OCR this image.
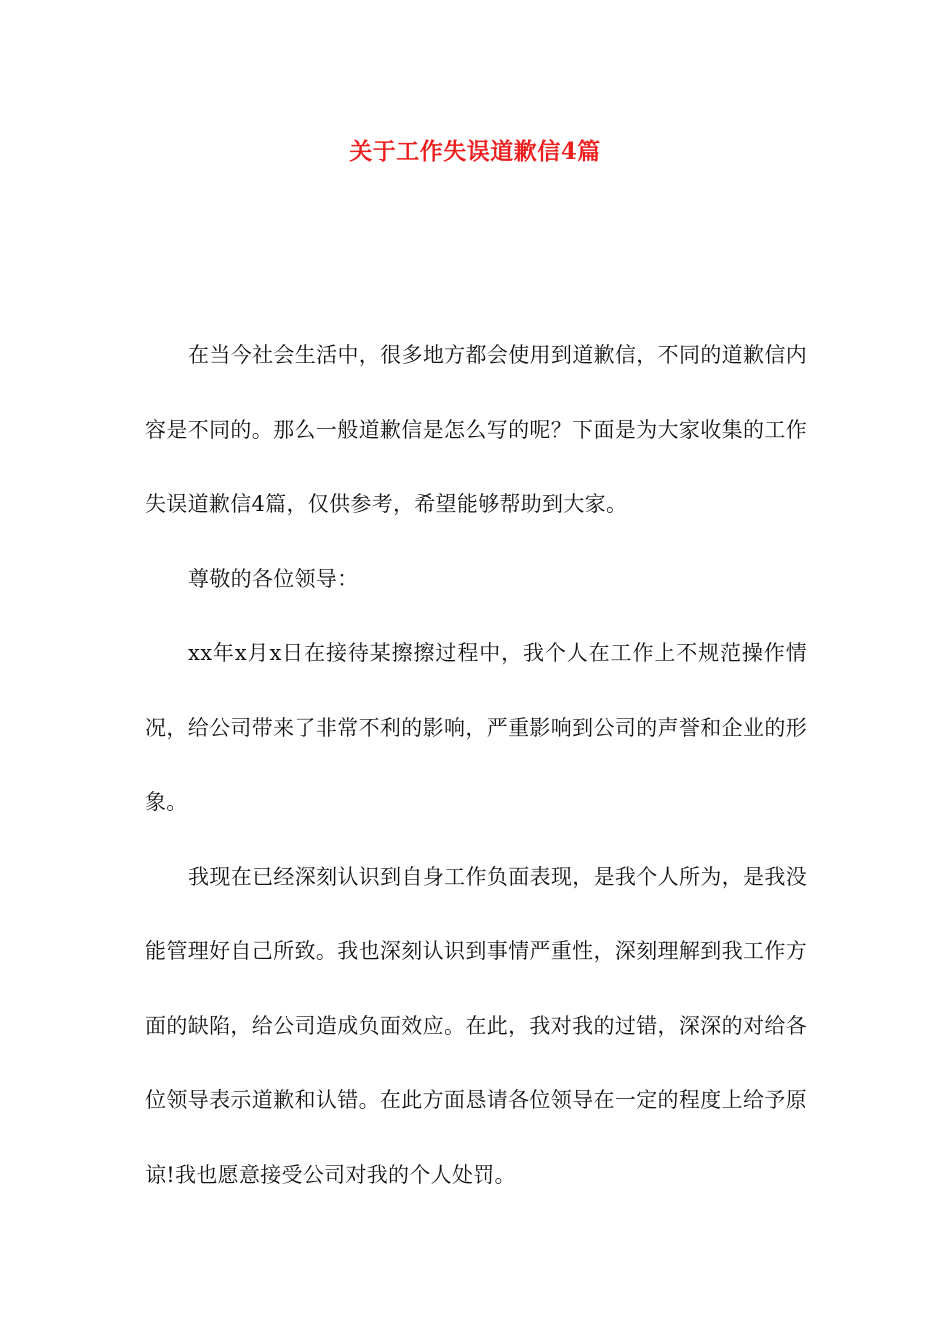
关于工作失误道歉信4篇

在当今社会生活中，很多地方都会使用到道歉信，不同的道歉信内容是不同的。那么一般道歉信是怎么写的呢？下面是为大家收集的工作失误道歉信4篇，仅供参考，希望能够帮助到大家。

尊敬的各位领导：

xx年x月x日在接待某擦擦过程中，我个人在工作上不规范操作情况，给公司带来了非常不利的影响，严重影响到公司的声誉和企业的形象。

我现在已经深刻认识到自身工作负面表现，是我个人所为，是我没能管理好自己所致。我也深刻认识到事情严重性，深刻理解到我工作方面的缺陷，给公司造成负面效应。在此，我对我的过错，深深的对给各位领导表示道歉和认错。在此方面恳请各位领导在一定的程度上给予原谅!我也愿意接受公司对我的个人处罚。
